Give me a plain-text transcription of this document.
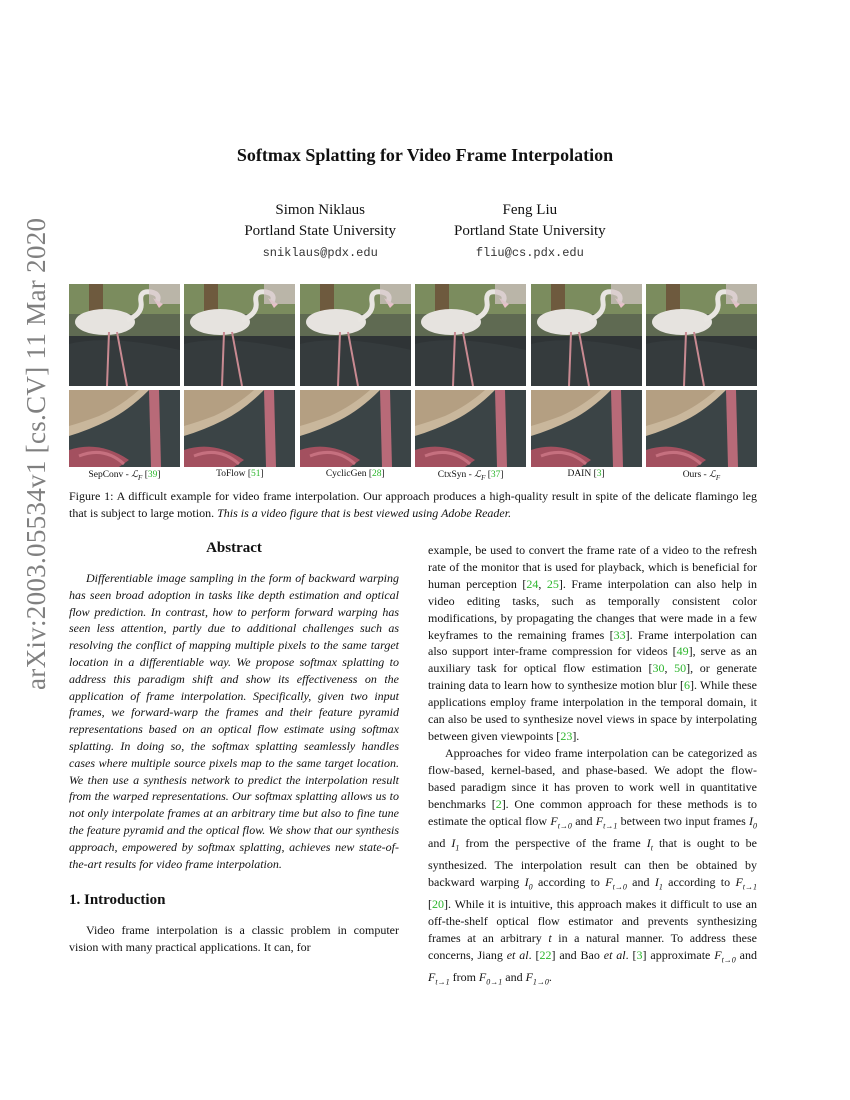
arXiv:2003.05534v1 [cs.CV] 11 Mar 2020
Softmax Splatting for Video Frame Interpolation
Simon Niklaus
Portland State University
sniklaus@pdx.edu
Feng Liu
Portland State University
fliu@cs.pdx.edu
SepConv - ℒ$_F$ [39]	ToFlow [51]	CyclicGen [28]	CtxSyn - ℒ$_F$ [37]	DAIN [3]	Ours - ℒ$_F$
Figure 1: A difficult example for video frame interpolation. Our approach produces a high-quality result in spite of the delicate flamingo leg that is subject to large motion. This is a video figure that is best viewed using Adobe Reader.
Abstract

Differentiable image sampling in the form of backward warping has seen broad adoption in tasks like depth estimation and optical flow prediction. In contrast, how to perform forward warping has seen less attention, partly due to additional challenges such as resolving the conflict of mapping multiple pixels to the same target location in a differentiable way. We propose softmax splatting to address this paradigm shift and show its effectiveness on the application of frame interpolation. Specifically, given two input frames, we forward-warp the frames and their feature pyramid representations based on an optical flow estimate using softmax splatting. In doing so, the softmax splatting seamlessly handles cases where multiple source pixels map to the same target location. We then use a synthesis network to predict the interpolation result from the warped representations. Our softmax splatting allows us to not only interpolate frames at an arbitrary time but also to fine tune the feature pyramid and the optical flow. We show that our synthesis approach, empowered by softmax splatting, achieves new state-of-the-art results for video frame interpolation.

1. Introduction

Video frame interpolation is a classic problem in computer vision with many practical applications. It can, for

example, be used to convert the frame rate of a video to the refresh rate of the monitor that is used for playback, which is beneficial for human perception [24, 25]. Frame interpolation can also help in video editing tasks, such as temporally consistent color modifications, by propagating the changes that were made in a few keyframes to the remaining frames [33]. Frame interpolation can also support inter-frame compression for videos [49], serve as an auxiliary task for optical flow estimation [30, 50], or generate training data to learn how to synthesize motion blur [6]. While these applications employ frame interpolation in the temporal domain, it can also be used to synthesize novel views in space by interpolating between given viewpoints [23].

Approaches for video frame interpolation can be categorized as flow-based, kernel-based, and phase-based. We adopt the flow-based paradigm since it has proven to work well in quantitative benchmarks [2]. One common approach for these methods is to estimate the optical flow $F_{t\to 0}$ and $F_{t\to 1}$ between two input frames $I_0$ and $I_1$ from the perspective of the frame $I_t$ that is ought to be synthesized. The interpolation result can then be obtained by backward warping $I_0$ according to $F_{t\to 0}$ and $I_1$ according to $F_{t\to 1}$ [20]. While it is intuitive, this approach makes it difficult to use an off-the-shelf optical flow estimator and prevents synthesizing frames at an arbitrary t in a natural manner. To address these concerns, Jiang et al. [22] and Bao et al. [3] approximate $F_{t\to 0}$ and $F_{t\to 1}$ from $F_{0\to 1}$ and $F_{1\to 0}$.
